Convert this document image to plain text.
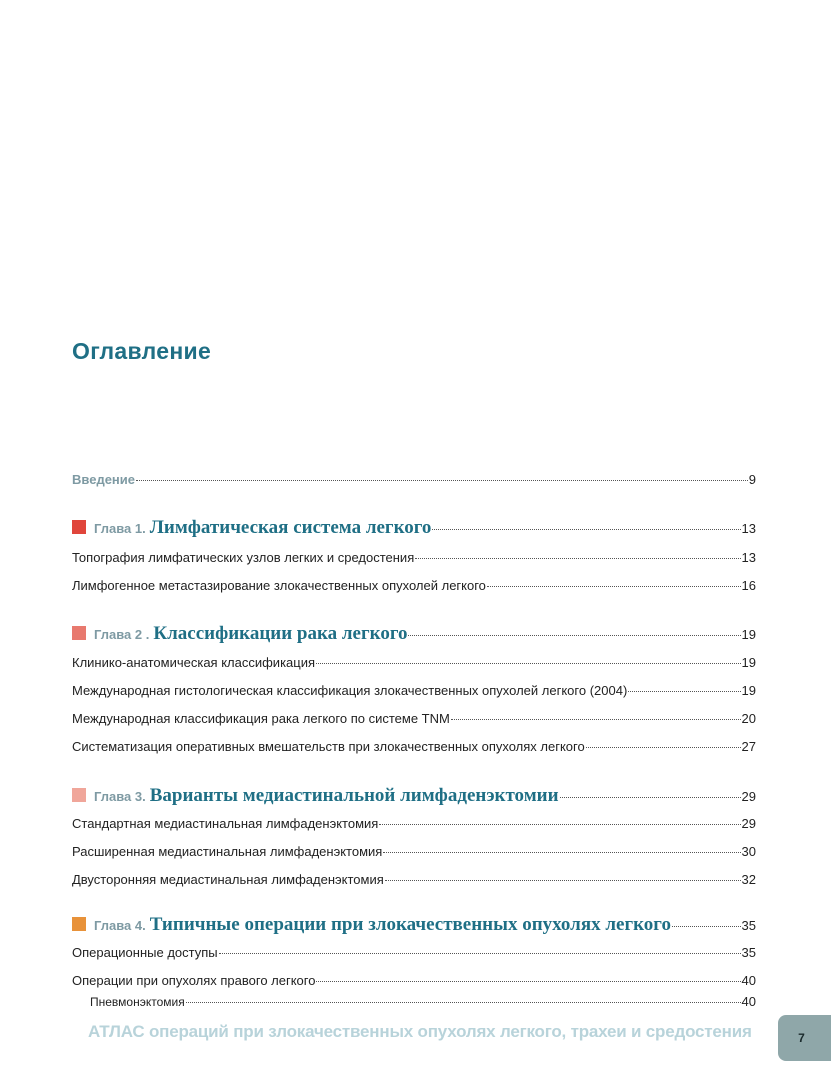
Оглавление
Введение	9
Глава 1. Лимфатическая система легкого	13
Топография лимфатических узлов легких и средостения	13
Лимфогенное метастазирование злокачественных опухолей легкого	16
Глава 2 . Классификации рака легкого	19
Клинико-анатомическая классификация	19
Международная гистологическая классификация злокачественных опухолей легкого (2004)	19
Международная классификация рака легкого по системе TNM	20
Систематизация оперативных вмешательств при злокачественных опухолях легкого	27
Глава 3. Варианты медиастинальной лимфаденэктомии	29
Стандартная медиастинальная лимфаденэктомия	29
Расширенная медиастинальная лимфаденэктомия	30
Двусторонняя медиастинальная лимфаденэктомия	32
Глава 4. Типичные операции при злокачественных опухолях легкого	35
Операционные доступы	35
Операции при опухолях правого легкого	40
Пневмонэктомия	40
АТЛАС операций при злокачественных опухолях легкого, трахеи и средостения	7
